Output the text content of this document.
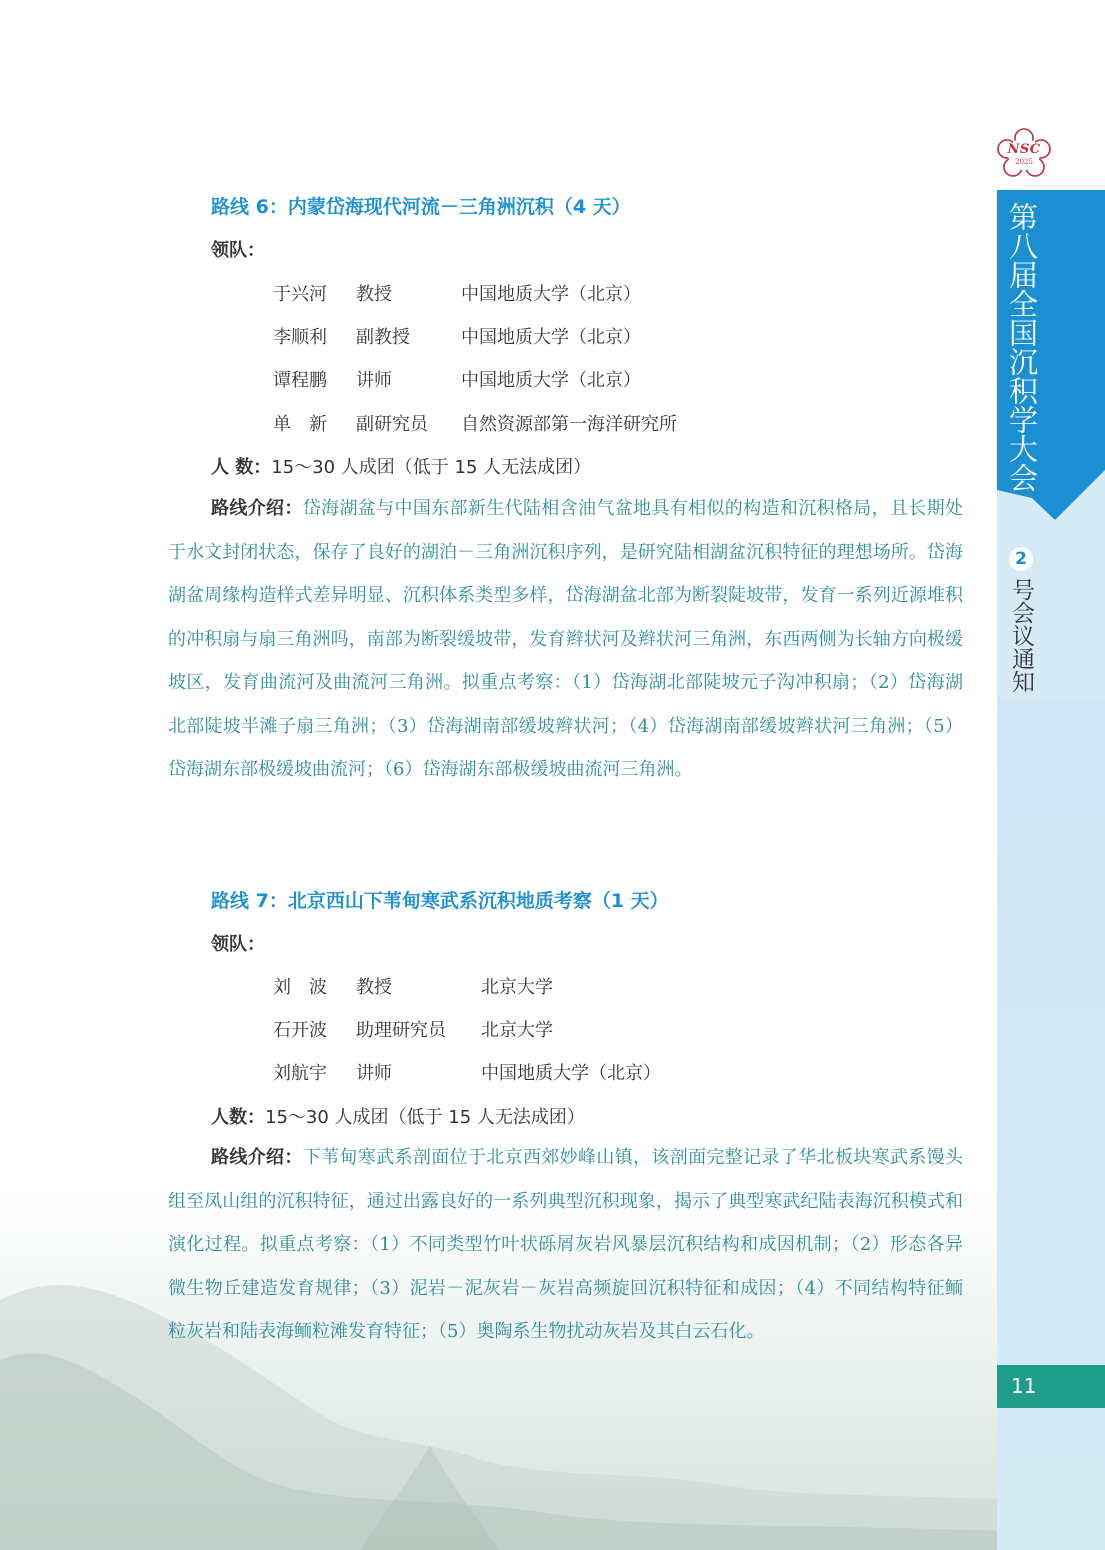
NSC
2025
第八届全国沉积学大会
2
号会议通知
11
路线 6：内蒙岱海现代河流－三角洲沉积（4 天）
领队：
于兴河 教授	中国地质大学（北京）
李顺利 副教授	中国地质大学（北京）
谭程鹏 讲师	中国地质大学（北京）
单　新 副研究员 自然资源部第一海洋研究所
人 数：15～30 人成团（低于 15 人无法成团）
路线介绍：岱海湖盆与中国东部新生代陆相含油气盆地具有相似的构造和沉积格局，且长期处于水文封闭状态，保存了良好的湖泊－三角洲沉积序列，是研究陆相湖盆沉积特征的理想场所。岱海湖盆周缘构造样式差异明显、沉积体系类型多样，岱海湖盆北部为断裂陡坡带，发育一系列近源堆积的冲积扇与扇三角洲吗，南部为断裂缓坡带，发育辫状河及辫状河三角洲，东西两侧为长轴方向极缓坡区，发育曲流河及曲流河三角洲。拟重点考察：（1）岱海湖北部陡坡元子沟冲积扇；（2）岱海湖北部陡坡半滩子扇三角洲；（3）岱海湖南部缓坡辫状河；（4）岱海湖南部缓坡辫状河三角洲；（5）岱海湖东部极缓坡曲流河；（6）岱海湖东部极缓坡曲流河三角洲。
路线 7：北京西山下苇甸寒武系沉积地质考察（1 天）
领队：
刘　波 教授	北京大学
石开波 助理研究员 北京大学
刘航宇 讲师	中国地质大学（北京）
人数：15～30 人成团（低于 15 人无法成团）
路线介绍：下苇甸寒武系剖面位于北京西郊妙峰山镇，该剖面完整记录了华北板块寒武系馒头组至凤山组的沉积特征，通过出露良好的一系列典型沉积现象，揭示了典型寒武纪陆表海沉积模式和演化过程。拟重点考察：（1）不同类型竹叶状砾屑灰岩风暴层沉积结构和成因机制；（2）形态各异微生物丘建造发育规律；（3）泥岩－泥灰岩－灰岩高频旋回沉积特征和成因；（4）不同结构特征鲕粒灰岩和陆表海鲕粒滩发育特征；（5）奥陶系生物扰动灰岩及其白云石化。
